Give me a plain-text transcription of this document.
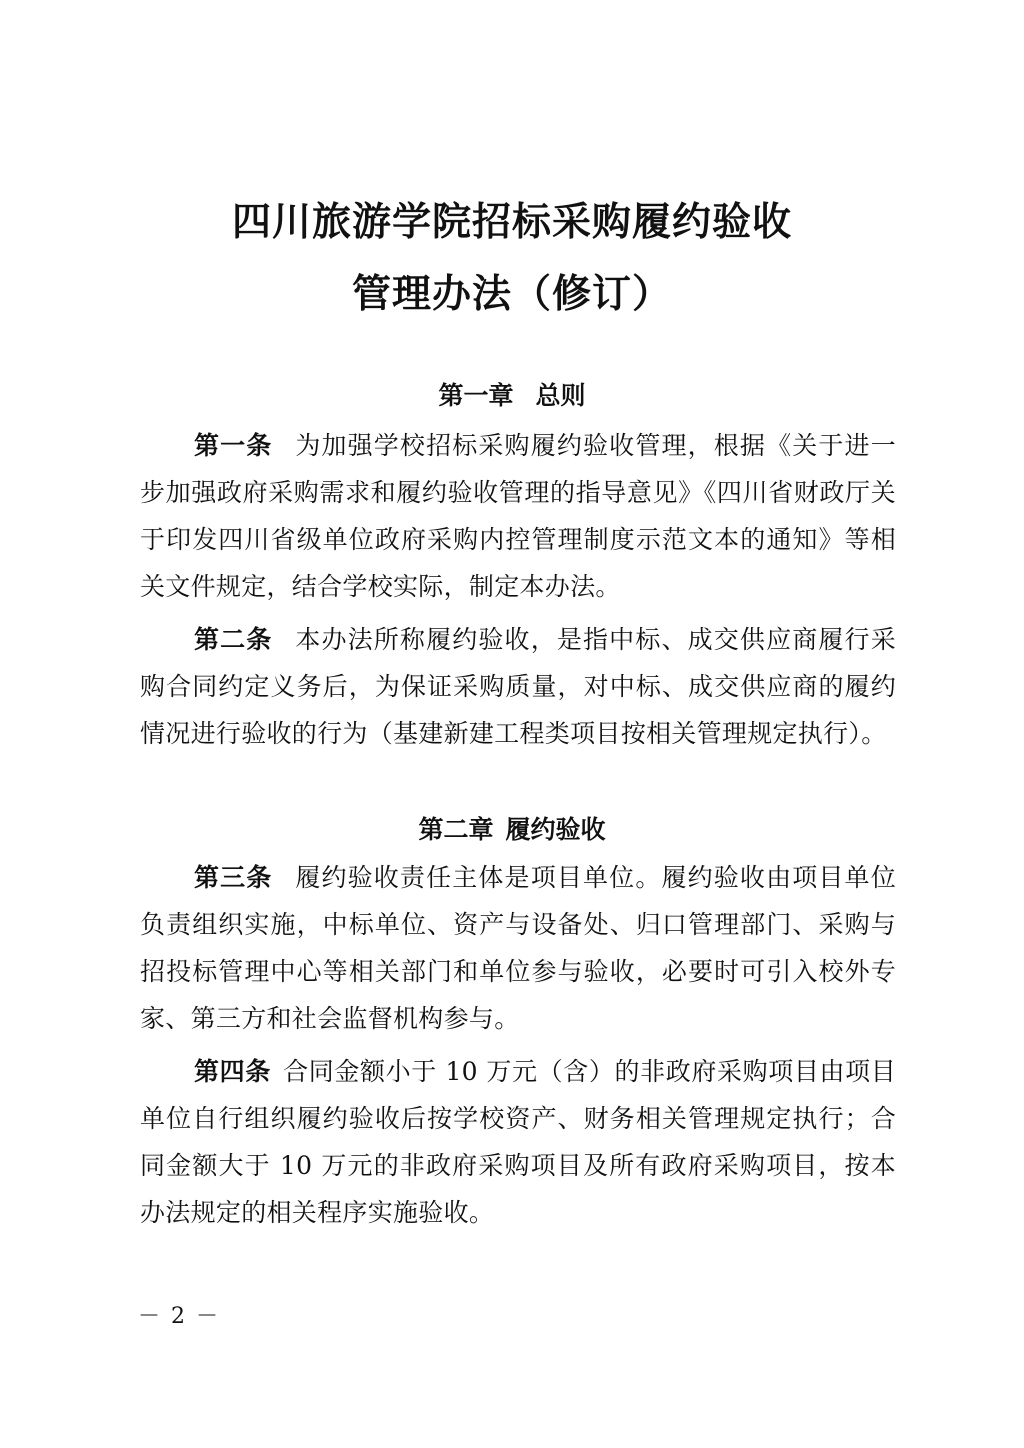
四川旅游学院招标采购履约验收
管理办法（修订）
第一章 总则

第一条 为加强学校招标采购履约验收管理，根据《关于进一步加强政府采购需求和履约验收管理的指导意见》《四川省财政厅关于印发四川省级单位政府采购内控管理制度示范文本的通知》等相关文件规定，结合学校实际，制定本办法。

第二条 本办法所称履约验收，是指中标、成交供应商履行采购合同约定义务后，为保证采购质量，对中标、成交供应商的履约情况进行验收的行为（基建新建工程类项目按相关管理规定执行）。

第二章 履约验收

第三条 履约验收责任主体是项目单位。履约验收由项目单位负责组织实施，中标单位、资产与设备处、归口管理部门、采购与招投标管理中心等相关部门和单位参与验收，必要时可引入校外专家、第三方和社会监督机构参与。

第四条 合同金额小于 10 万元（含）的非政府采购项目由项目单位自行组织履约验收后按学校资产、财务相关管理规定执行；合同金额大于 10 万元的非政府采购项目及所有政府采购项目，按本办法规定的相关程序实施验收。

－ 2 －
